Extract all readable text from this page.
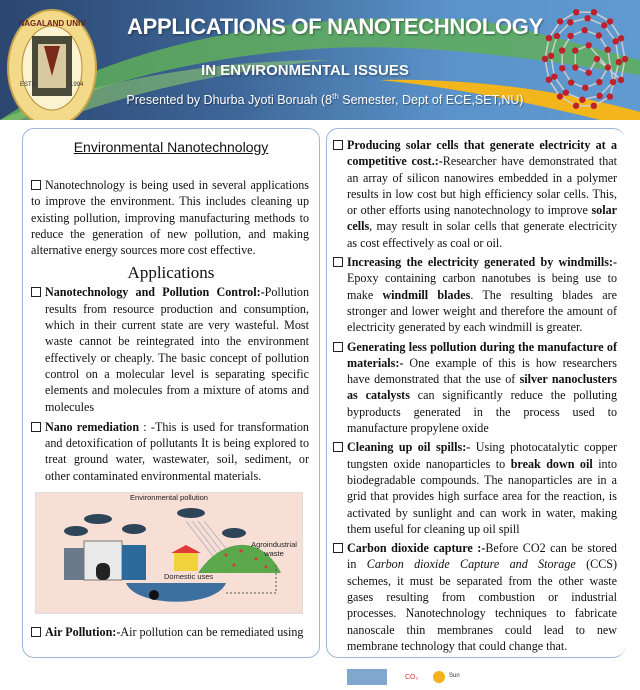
NAGALAND UNIV
ESTD	1994
APPLICATIONS OF NANOTECHNOLOGY
IN ENVIRONMENTAL ISSUES
Presented by Dhurba Jyoti Boruah (8th Semester, Dept of ECE,SET,NU)
Environmental Nanotechnology
Nanotechnology is being used in several applications to improve the environment. This includes cleaning up existing pollution, improving manufacturing methods to reduce the generation of new pollution, and making alternative energy sources more cost effective.
Applications
Nanotechnology and Pollution Control:-Pollution results from resource production and consumption, which in their current state are very wasteful. Most waste cannot be reintegrated into the environment effectively or cheaply. The basic concept of pollution control on a molecular level is separating specific elements and molecules from a mixture of atoms and molecules
Nano remediation : -This is used for transformation and detoxification of pollutants It is being explored to treat ground water, wastewater, soil, sediment, or other contaminated environmental materials.
Environmental pollution
Agroindustrial waste
Domestic uses
Air Pollution:-Air pollution can be remediated using
Producing solar cells that generate electricity at a competitive cost.:-Researcher have demonstrated that an array of silicon nanowires embedded in a polymer results in low cost but high efficiency solar cells. This, or other efforts using nanotechnology to improve solar cells, may result in solar cells that generate electricity as cost effectively as coal or oil.
Increasing the electricity generated by windmills:- Epoxy containing carbon nanotubes is being use to make windmill blades. The resulting blades are stronger and lower weight and therefore the amount of electricity generated by each windmill is greater.
Generating less pollution during the manufacture of materials:- One example of this is how researchers have demonstrated that the use of silver nanoclusters as catalysts can significantly reduce the polluting byproducts generated in the process used to manufacture propylene oxide
Cleaning up oil spills:- Using photocatalytic copper tungsten oxide nanoparticles to break down oil into biodegradable compounds. The nanoparticles are in a grid that provides high surface area for the reaction, is activated by sunlight and can work in water, making them useful for cleaning up oil spill
Carbon dioxide capture :-Before CO2 can be stored in Carbon dioxide Capture and Storage (CCS) schemes, it must be separated from the other waste gases resulting from combustion or industrial processes. Nanotechnology techniques to fabricate nanoscale thin membranes could lead to new membrane technology that could change that.
CO₂	Sun
